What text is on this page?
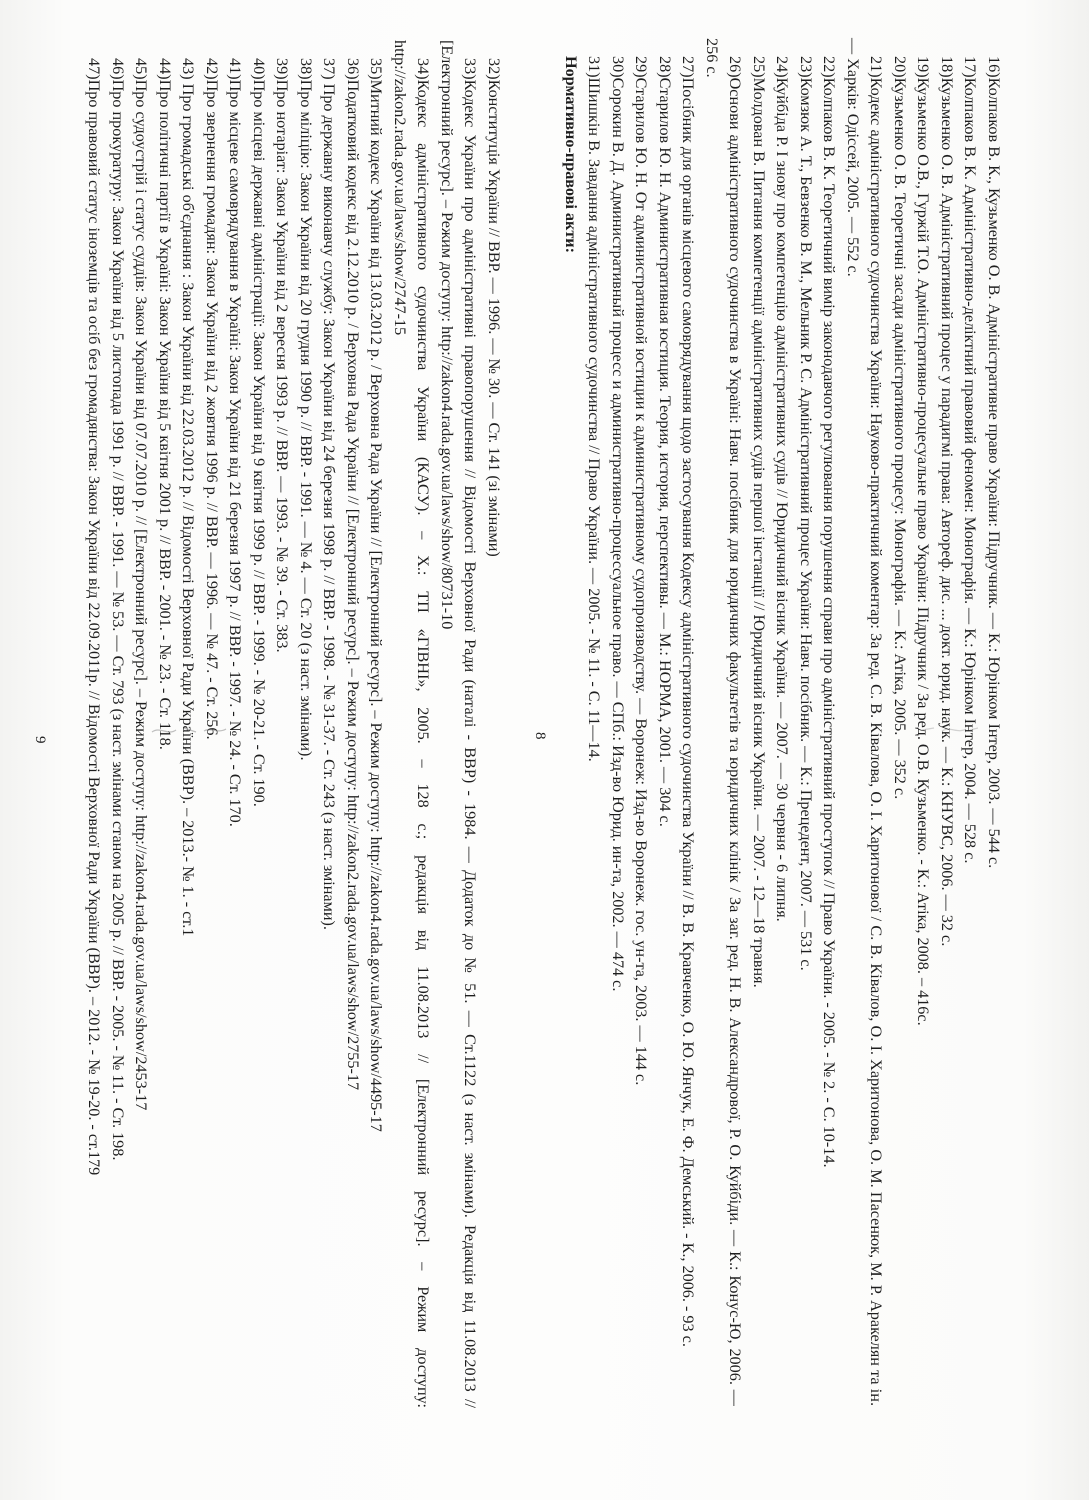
16)Колпаков В. К., Кузьменко О. В. Адміністративне право України: Підручник. — К.: Юрінком Інтер, 2003. — 544 с.

17)Колпаков В. К. Адміністративно-деліктний правовий феномен: Монографія. — К.: Юрінком Інтер, 2004. — 528 с.

18)Кузьменко О. В. Адміністративний процес у парадигмі права: Автореф. дис. ... докт. юрид. наук. — К.: КНУВС, 2006. — 32 с.

19)Кузьменко О.В., Гуржій Т.О. Адміністративно-процесуальне право України: Підручник / За ред. О.В. Кузьменко. - К.: Атіка, 2008. – 416с.

20)Кузьменко О. В. Теоретичні засади адміністративного процесу: Монографія. — К.: Атіка, 2005. — 352 с.

21)Кодекс адміністративного судочинства України: Науково-практичний коментар: За ред. С. В. Ківалова, О. І. Харитонової / С. В. Ківалов, О. І. Харитонова, О. М. Пасенюк, М. Р. Аракелян та ін. — Харків: Одіссей, 2005. — 552 с.

22)Колпаков В. К. Теоретичний вимір законодавчого регулювання порушення справи про адміністративний проступок // Право України. - 2005. - № 2. - С. 10-14.

23)Комзюк А. Т., Бевзенко В. М., Мельник Р. С. Адміністративний процес України: Навч. посібник. — К.: Прецедент, 2007. — 531 с.

24)Куйбіда Р. І знову про компетенцію адміністративних судів // Юридичний вісник України. — 2007. — 30 червня - 6 липня.

25)Молдован В. Питання компетенції адміністративних судів першої інстанції // Юридичний вісник України. — 2007. - 12—18 травня.

26)Основи адміністративного судочинства в Україні: Навч. посібник для юридичних факультетів та юридичних клінік / За заг. ред. Н. В. Александрової, Р. О. Куйбіди. — К.: Конус-Ю, 2006. — 256 с.

27)Посібник для органів місцевого самоврядування щодо застосування Кодексу адміністративного судочинства України // В. В. Кравченко, О. Ю. Янчук, Е. Ф. Демський. - К., 2006. - 93 с.

28)Старилов Ю. Н. Административная юстиция. Теория, история, перспективы. — М.: НОРМА, 2001. — 304 с.

29)Старилов Ю. Н. От административной юстиции к административному судопроизводству. — Воронеж: Изд-во Воронеж. гос. ун-та, 2003. — 144 с.

30)Сорокин В. Д. Административный процесс и административно-процессуальное право. — СПб.: Изд-во Юрид. ин-та, 2002. — 474 с.

31)Шишкін В. Завдання адміністративного судочинства // Право України. — 2005. - № 11. - С. 11—14.

Нормативно-правові акти:

8

32)Конституція України // ВВР. — 1996. — № 30. — Ст. 141 (зі змінами)

33)Кодекс України про адміністративні правопорушення // Відомості Верховної Ради (наталі - ВВР) - 1984. — Додаток до № 51. — Ст.1122 (з наст. змінами). Редакція від 11.08.2013 // [Електронний ресурс]. – Режим доступу: http://zakon4.rada.gov.ua/laws/show/80731-10

34)Кодекс адміністративного судочинства України (КАСУ). – Х.: ТП «ГІВНІ», 2005. – 128 с.; редакція від 11.08.2013 // [Електронний ресурс]. – Режим доступу: http://zakon2.rada.gov.ua/laws/show/2747-15

35)Митний кодекс України від 13.03.2012 р. / Верховна Рада України // [Електронний ресурс]. – Режим доступу: http://zakon4.rada.gov.ua/laws/show/4495-17

36)Податковий кодекс від 2.12.2010 р. / Верховна Рада України // [Електронний ресурс]. – Режим доступу: http://zakon2.rada.gov.ua/laws/show/2755-17

37) Про державну виконавчу службу: Закон України від 24 березня 1998 р. // ВВР. - 1998. - № 31-37. - Ст. 243 (з наст. змінами).

38)Про міліцію: Закон України від 20 грудня 1990 р. // ВВР. - 1991. — № 4. — Ст. 20 (з наст. змінами).

39)Про нотаріат: Закон України від 2 вересня 1993 р. // ВВР. — 1993. - № 39. - Ст. 383.

40)Про місцеві державні адміністрації: Закон України від 9 квітня 1999 р. // ВВР. - 1999. - № 20-21. - Ст. 190.

41)Про місцеве самоврядування в Україні: Закон України від 21 березня 1997 р. // ВВР. - 1997. - № 24. - Ст. 170.

42)Про звернення громадян: Закон України від 2 жовтня 1996 р. // ВВР. — 1996. — № 47. - Ст. 256.

43) Про громадські об'єднання : Закон України від 22.03.2012 р. // Відомості Верховної Ради України (ВВР). – 2013.- № 1. - ст.1

44)Про політичні партії в Україні: Закон України від 5 квітня 2001 р. // ВВР. - 2001. - № 23. - Ст. 118.

45)Про судоустрій і статус суддів: Закон України від 07.07.2010 р. // [Електронний ресурс]. – Режим доступу: http://zakon4.rada.gov.ua/laws/show/2453-17

46)Про прокуратуру: Закон України від 5 листопада 1991 р. // ВВР. - 1991. — № 53. — Ст. 793 (з наст. змінами станом на 2005 р. // ВВР. - 2005. - № 11. - Ст. 198.

47)Про правовий статус іноземців та осіб без громадянства: Закон України від 22.09.2011р. // Відомості Верховної Ради України (ВВР). – 2012. - № 19-20. - ст.179

9
